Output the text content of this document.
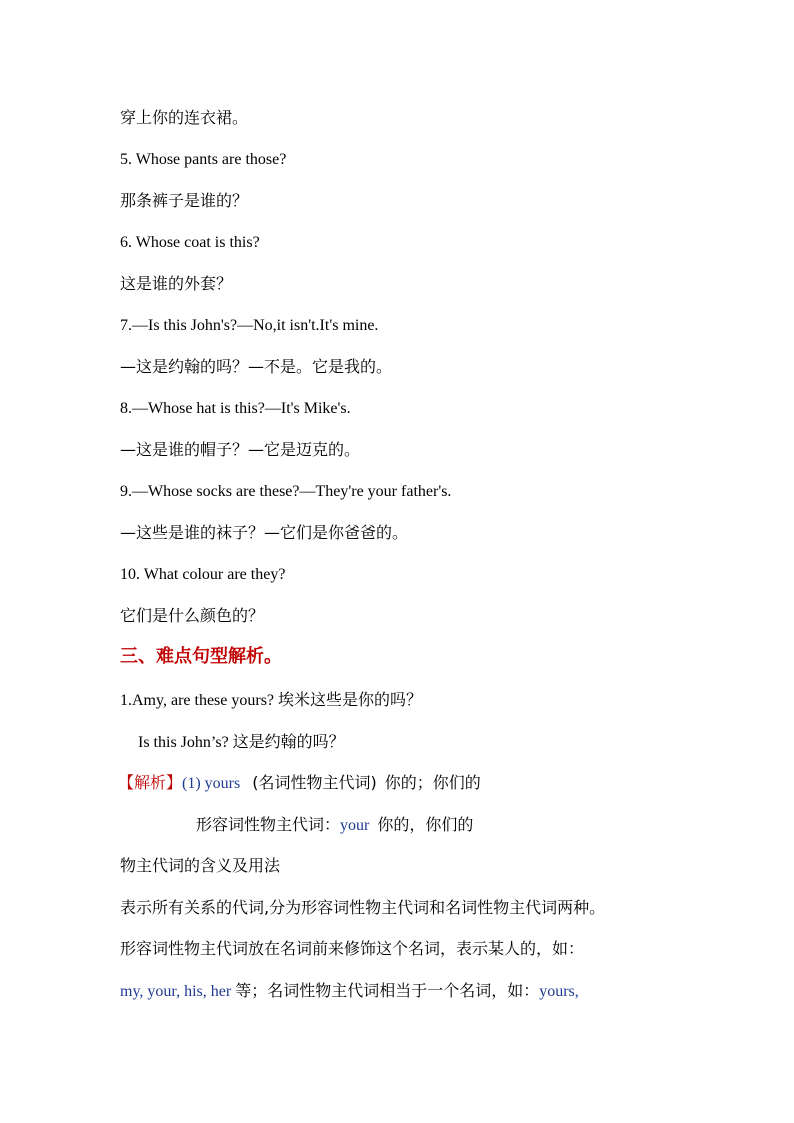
穿上你的连衣裙。
5. Whose pants are those?
那条裤子是谁的？
6. Whose coat is this?
这是谁的外套？
7.—Is this John's?—No,it isn't.It's mine.
—这是约翰的吗？—不是。它是我的。
8.—Whose hat is this?—It's Mike's.
—这是谁的帽子？—它是迈克的。
9.—Whose socks are these?—They're your father's.
—这些是谁的袜子？—它们是你爸爸的。
10. What colour are they?
它们是什么颜色的？
三、难点句型解析。
1.Amy, are these yours? 埃米这些是你的吗？
Is this John’s? 这是约翰的吗？
【解析】(1) yours (名词性物主代词) 你的；你们的
形容词性物主代词：your 你的，你们的
物主代词的含义及用法
表示所有关系的代词,分为形容词性物主代词和名词性物主代词两种。
形容词性物主代词放在名词前来修饰这个名词，表示某人的，如：
my, your, his, her 等；名词性物主代词相当于一个名词，如：yours,
